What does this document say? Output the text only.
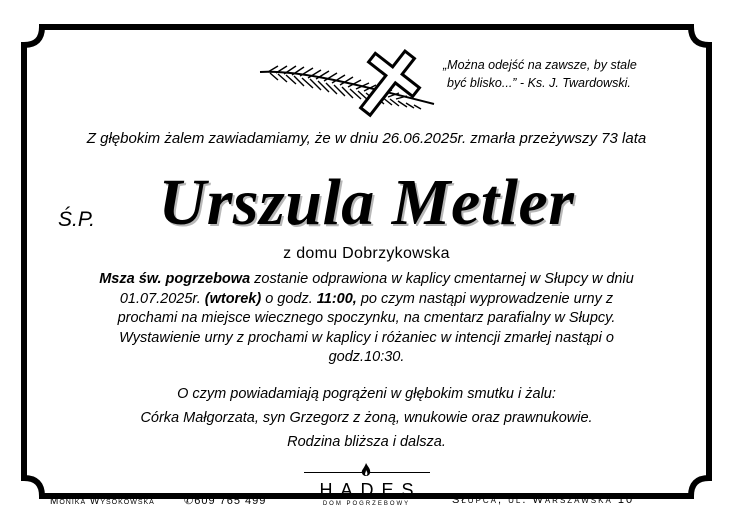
„Można odejść na zawsze, by stale
być blisko...” - Ks. J. Twardowski.
Z głębokim żalem zawiadamiamy, że w dniu 26.06.2025r. zmarła przeżywszy 73 lata
Ś.P. Urszula Metler
z domu Dobrzykowska
Msza św. pogrzebowa zostanie odprawiona w kaplicy cmentarnej w Słupcy w dniu
01.07.2025r. (wtorek) o godz. 11:00, po czym nastąpi wyprowadzenie urny z
prochami na miejsce wiecznego spoczynku, na cmentarz parafialny w Słupcy.
Wystawienie urny z prochami w kaplicy i różaniec w intencji zmarłej nastąpi o
godz.10:30.
O czym powiadamiają pogrążeni w głębokim smutku i żalu:
Córka Małgorzata, syn Grzegorz z żoną, wnukowie oraz prawnukowie.
Rodzina bliższa i dalsza.
Monika Wysokowska	✆609 765 499
HADES
DOM POGRZEBOWY	Słupca, ul. Warszawska 10
